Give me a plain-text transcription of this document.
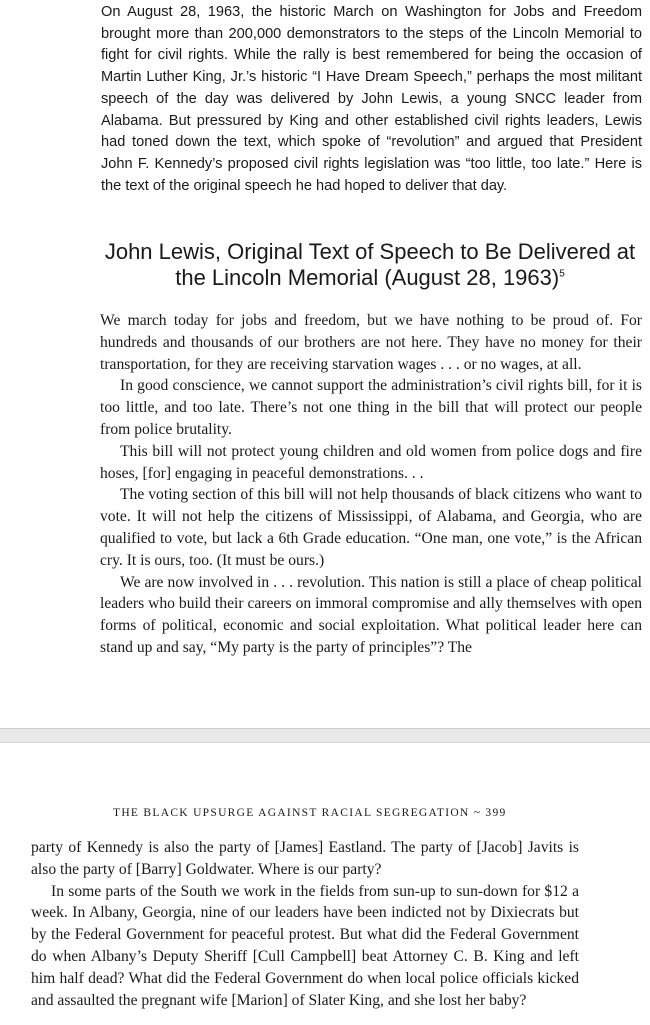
On August 28, 1963, the historic March on Washington for Jobs and Freedom brought more than 200,000 demonstrators to the steps of the Lincoln Memorial to fight for civil rights. While the rally is best remembered for being the occasion of Martin Luther King, Jr.’s historic “I Have Dream Speech,” perhaps the most militant speech of the day was delivered by John Lewis, a young SNCC leader from Alabama. But pressured by King and other established civil rights leaders, Lewis had toned down the text, which spoke of “revolution” and argued that President John F. Kennedy’s proposed civil rights legislation was “too little, too late.” Here is the text of the original speech he had hoped to deliver that day.

John Lewis, Original Text of Speech to Be Delivered at the Lincoln Memorial (August 28, 1963)$^5$

We march today for jobs and freedom, but we have nothing to be proud of. For hundreds and thousands of our brothers are not here. They have no money for their transportation, for they are receiving starvation wages . . . or no wages, at all.

In good conscience, we cannot support the administration’s civil rights bill, for it is too little, and too late. There’s not one thing in the bill that will protect our people from police brutality.

This bill will not protect young children and old women from police dogs and fire hoses, [for] engaging in peaceful demonstrations. . .

The voting section of this bill will not help thousands of black citizens who want to vote. It will not help the citizens of Mississippi, of Alabama, and Georgia, who are qualified to vote, but lack a 6th Grade education. “One man, one vote,” is the African cry. It is ours, too. (It must be ours.)

We are now involved in . . . revolution. This nation is still a place of cheap political leaders who build their careers on immoral compromise and ally themselves with open forms of political, economic and social exploitation. What political leader here can stand up and say, “My party is the party of principles”? The

THE BLACK UPSURGE AGAINST RACIAL SEGREGATION ~ 399

party of Kennedy is also the party of [James] Eastland. The party of [Jacob] Javits is also the party of [Barry] Goldwater. Where is our party?

In some parts of the South we work in the fields from sun-up to sun-down for $12 a week. In Albany, Georgia, nine of our leaders have been indicted not by Dixiecrats but by the Federal Government for peaceful protest. But what did the Federal Government do when Albany’s Deputy Sheriff [Cull Campbell] beat Attorney C. B. King and left him half dead? What did the Federal Government do when local police officials kicked and assaulted the pregnant wife [Marion] of Slater King, and she lost her baby?
